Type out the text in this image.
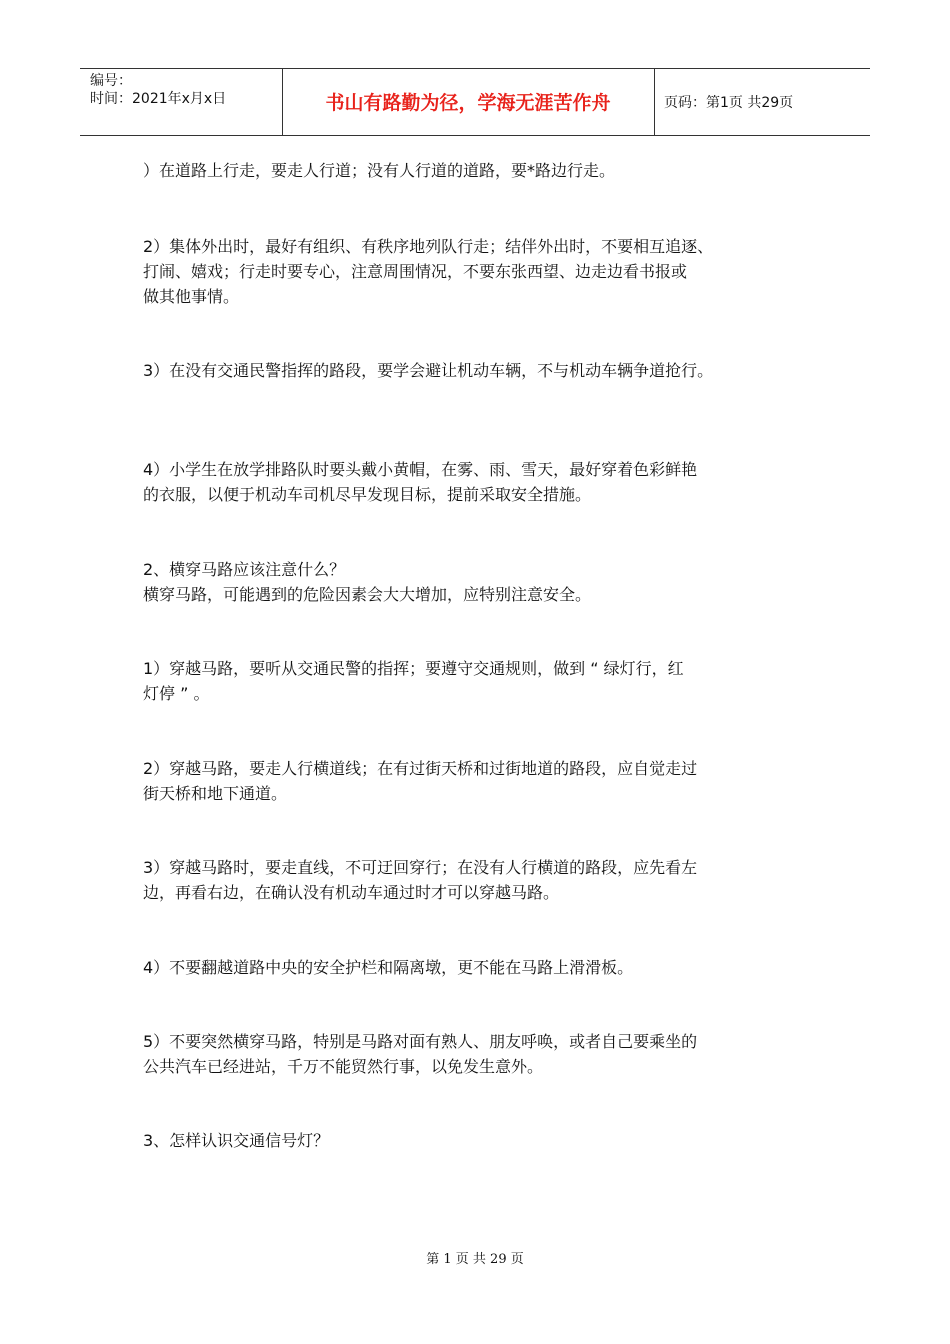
编号：
时间：2021年x月x日	书山有路勤为径，学海无涯苦作舟	页码：第1页 共29页
）在道路上行走，要走人行道；没有人行道的道路，要*路边行走。
2）集体外出时，最好有组织、有秩序地列队行走；结伴外出时，不要相互追逐、
打闹、嬉戏；行走时要专心，注意周围情况，不要东张西望、边走边看书报或
做其他事情。
3）在没有交通民警指挥的路段，要学会避让机动车辆，不与机动车辆争道抢行。
4）小学生在放学排路队时要头戴小黄帽，在雾、雨、雪天，最好穿着色彩鲜艳
的衣服，以便于机动车司机尽早发现目标，提前采取安全措施。
2、横穿马路应该注意什么？
横穿马路，可能遇到的危险因素会大大增加，应特别注意安全。
1）穿越马路，要听从交通民警的指挥；要遵守交通规则，做到 “ 绿灯行，红
灯停 ” 。
2）穿越马路，要走人行横道线；在有过街天桥和过街地道的路段，应自觉走过
街天桥和地下通道。
3）穿越马路时，要走直线，不可迂回穿行；在没有人行横道的路段，应先看左
边，再看右边，在确认没有机动车通过时才可以穿越马路。
4）不要翻越道路中央的安全护栏和隔离墩，更不能在马路上滑滑板。
5）不要突然横穿马路，特别是马路对面有熟人、朋友呼唤，或者自己要乘坐的
公共汽车已经进站，千万不能贸然行事，以免发生意外。
3、怎样认识交通信号灯？
第 1 页 共 29 页
